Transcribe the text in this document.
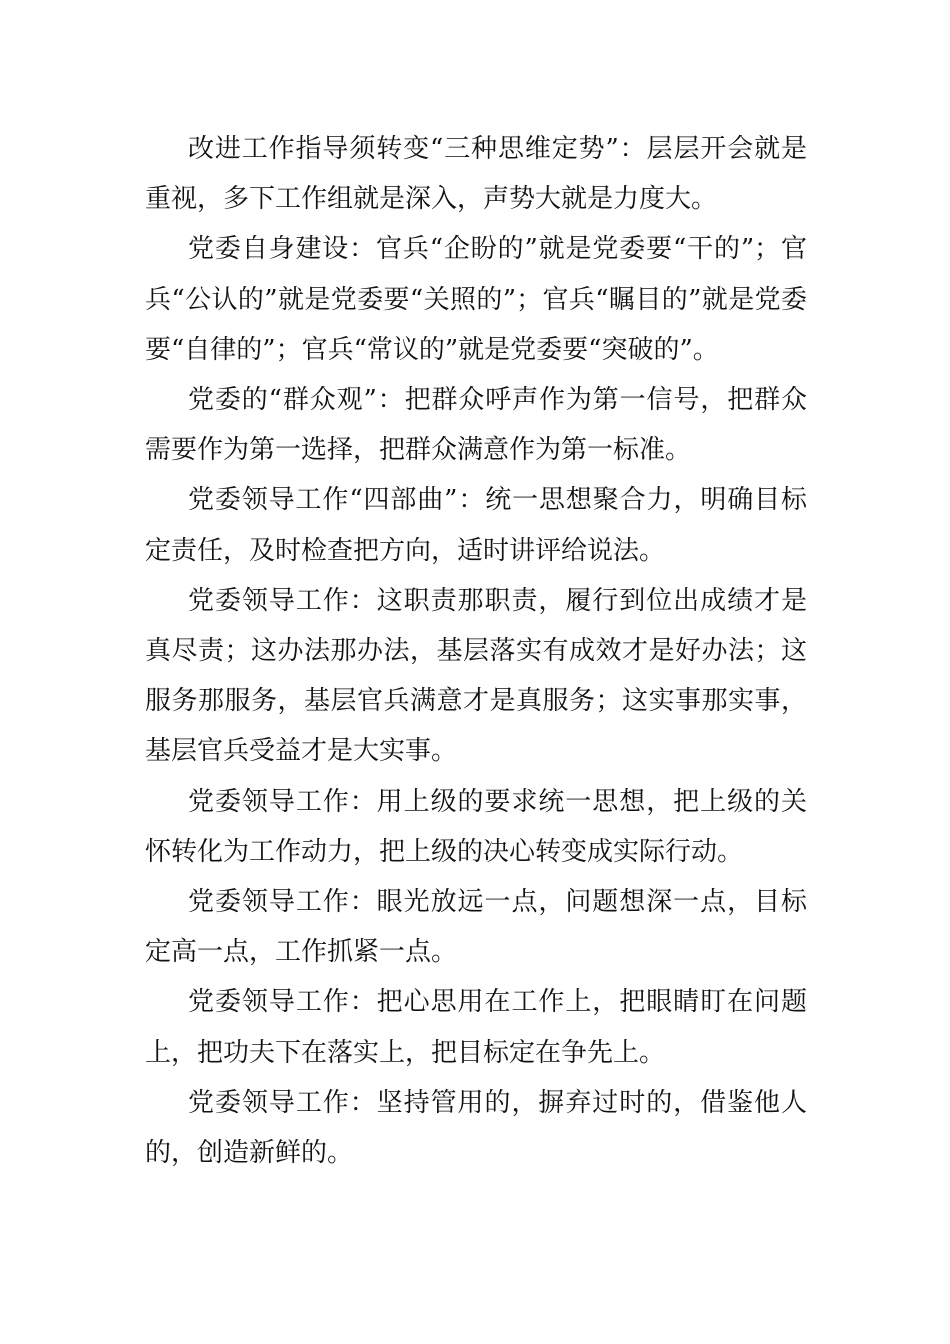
改进工作指导须转变“三种思维定势”：层层开会就是重视，多下工作组就是深入，声势大就是力度大。

党委自身建设：官兵“企盼的”就是党委要“干的”；官兵“公认的”就是党委要“关照的”；官兵“瞩目的”就是党委要“自律的”；官兵“常议的”就是党委要“突破的”。

党委的“群众观”：把群众呼声作为第一信号，把群众需要作为第一选择，把群众满意作为第一标准。

党委领导工作“四部曲”：统一思想聚合力，明确目标定责任，及时检查把方向，适时讲评给说法。

党委领导工作：这职责那职责，履行到位出成绩才是真尽责；这办法那办法，基层落实有成效才是好办法；这服务那服务，基层官兵满意才是真服务；这实事那实事，基层官兵受益才是大实事。

党委领导工作：用上级的要求统一思想，把上级的关怀转化为工作动力，把上级的决心转变成实际行动。

党委领导工作：眼光放远一点，问题想深一点，目标定高一点，工作抓紧一点。

党委领导工作：把心思用在工作上，把眼睛盯在问题上，把功夫下在落实上，把目标定在争先上。

党委领导工作：坚持管用的，摒弃过时的，借鉴他人的，创造新鲜的。
